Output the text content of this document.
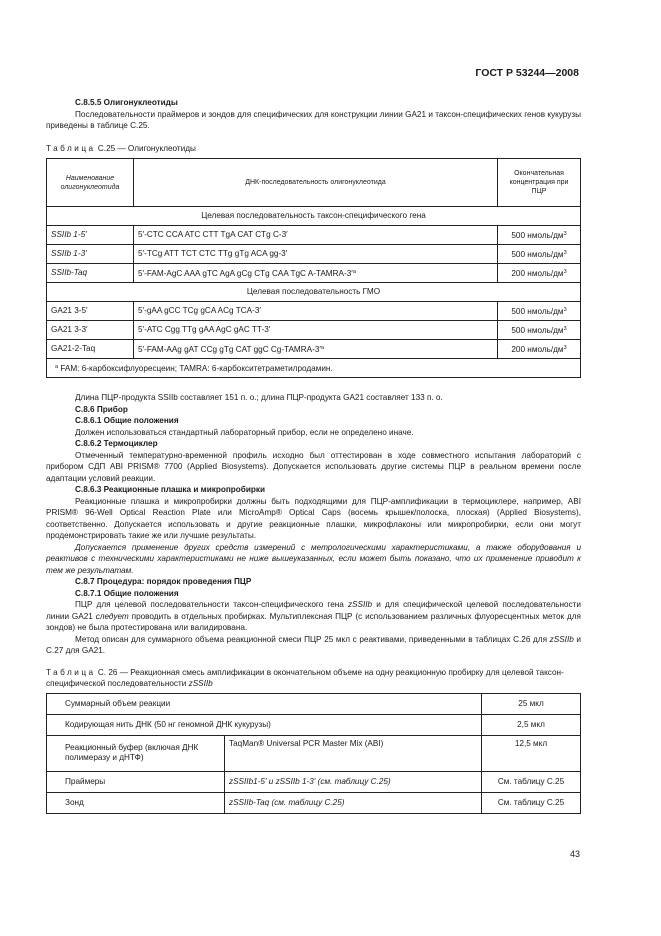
ГОСТ Р 53244—2008

C.8.5.5 Олигонуклеотиды

Последовательности праймеров и зондов для специфических для конструкции линии GA21 и таксон-специфических генов кукурузы приведены в таблице С.25.

Таблица С.25 — Олигонуклеотиды

Наименование олигонуклеотида	ДНК-последовательность олигонуклеотида	Окончательная концентрация при ПЦР
Целевая последовательность таксон-специфического гена		
SSIIb 1-5′	5′-CTC CCA ATC CTT TgA CAT CTg C-3′	500 нмоль/$дм^3$
SSIIb 1-3′	5′-TCg ATT TCT CTC TTg gTg ACA gg-3′	500 нмоль/$дм^3$
SSIIb-Taq	5′-FAM-AgC AAA gTC AgA gCg CTg CAA TgC $A-TAMRA-3'^a$	200 нмоль/$дм^3$
Целевая последовательность ГМО		
GA21 3-5′	5′-gAA gCC TCg gCA ACg TCA-3′	500 нмоль/$дм^3$
GA21 3-3′	5′-ATC Cgg TTg gAA AgC gAC TT-3′	500 нмоль/$дм^3$
GA21-2-Taq	5′-FAM-AAg gAT CCg gTg CAT ggC $Cg-TAMRA-3'^a$	200 нмоль/$дм^3$
$^a$ FAM: 6-карбоксифлуоресцеин; TAMRA: 6-карбокситетраметилродамин.		

Длина ПЦР-продукта SSIIb составляет 151 п. о.; длина ПЦР-продукта GA21 составляет 133 п. о.

C.8.6 Прибор

C.8.6.1 Общие положения

Должен использоваться стандартный лабораторный прибор, если не определено иначе.

C.8.6.2 Термоциклер

Отмеченный температурно-временной профиль исходно был оттестирован в ходе совместного испытания лабораторий с прибором СДП ABI PRISM® 7700 (Applied Biosystems). Допускается использовать другие системы ПЦР в реальном времени после адаптации условий реакции.

C.8.6.3 Реакционные плашка и микропробирки

Реакционные плашка и микропробирки должны быть подходящими для ПЦР-амплификации в термоциклере, например, ABI PRISM® 96-Well Optical Reaction Plate или MicroAmp® Optical Caps (восемь крышек/полоска, плоская) (Applied Biosystems), соответственно. Допускается использовать и другие реакционные плашки, микрофлаконы или микропробирки, если они могут продемонстрировать такие же или лучшие результаты.

Допускается применение других средств измерений с метрологическими характеристиками, а также оборудования и реактивов с техническими характеристиками не ниже вышеуказанных, если может быть показано, что их применение приводит к тем же результатам.

C.8.7 Процедура: порядок проведения ПЦР

C.8.7.1 Общие положения

ПЦР для целевой последовательности таксон-специфического гена zSSIIb и для специфической целевой последовательности линии GA21 следует проводить в отдельных пробирках. Мультиплексная ПЦР (с использованием различных флуоресцентных меток для зондов) не была протестирована или валидирована.

Метод описан для суммарного объема реакционной смеси ПЦР 25 мкл с реактивами, приведенными в таблицах С.26 для zSSIIb и С.27 для GA21.

Таблица С. 26 — Реакционная смесь амплификации в окончательном объеме на одну реакционную пробирку для целевой таксон-специфической последовательности zSSIIb

Суммарный объем реакции		25 мкл
Кодирующая нить ДНК (50 нг геномной ДНК кукурузы)		2,5 мкл
Реакционный буфер (включая ДНК полимеразу и дНТФ)	TaqMan® Universal PCR Master Mix (ABI)	12,5 мкл
Праймеры	zSSIIb1-5′ и zSSIIb 1-3′ (см. таблицу С.25)	См. таблицу С.25
Зонд	zSSIIb-Taq (см. таблицу С.25)	См. таблицу С.25
43
